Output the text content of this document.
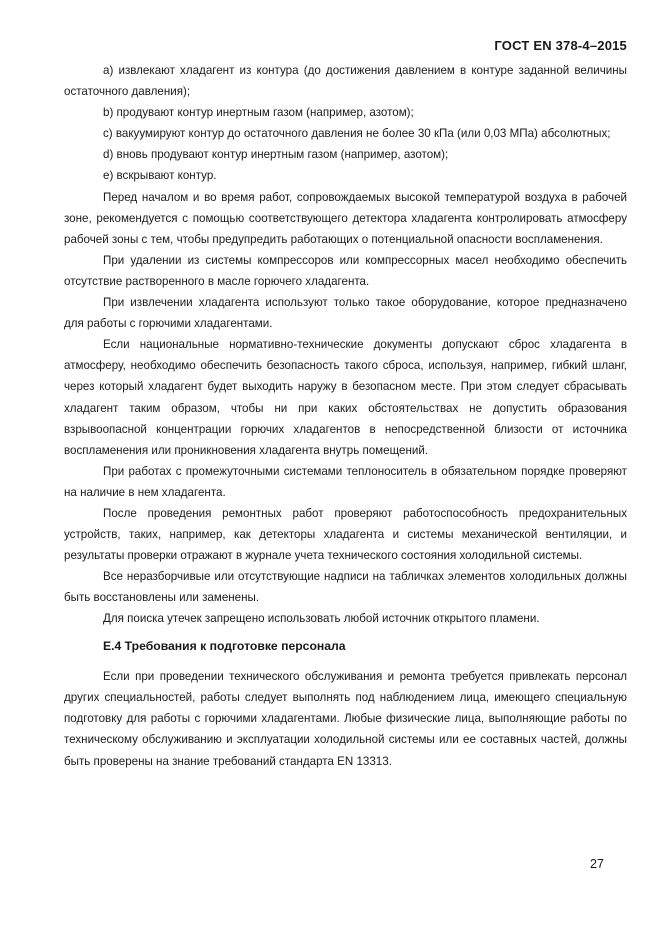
ГОСТ EN 378-4–2015

а) извлекают хладагент из контура (до достижения давлением в контуре заданной величины остаточного давления);

b) продувают контур инертным газом (например, азотом);

с) вакуумируют контур до остаточного давления не более 30 кПа (или 0,03 МПа) абсолютных;

d) вновь продувают контур инертным газом (например, азотом);

е) вскрывают контур.

Перед началом и во время работ, сопровождаемых высокой температурой воздуха в рабочей зоне, рекомендуется с помощью соответствующего детектора хладагента контролировать атмосферу рабочей зоны с тем, чтобы предупредить работающих о потенциальной опасности воспламенения.

При удалении из системы компрессоров или компрессорных масел необходимо обеспечить отсутствие растворенного в масле горючего хладагента.

При извлечении хладагента используют только такое оборудование, которое предназначено для работы с горючими хладагентами.

Если национальные нормативно-технические документы допускают сброс хладагента в атмосферу, необходимо обеспечить безопасность такого сброса, используя, например, гибкий шланг, через который хладагент будет выходить наружу в безопасном месте. При этом следует сбрасывать хладагент таким образом, чтобы ни при каких обстоятельствах не допустить образования взрывоопасной концентрации горючих хладагентов в непосредственной близости от источника воспламенения или проникновения хладагента внутрь помещений.

При работах с промежуточными системами теплоноситель в обязательном порядке проверяют на наличие в нем хладагента.

После проведения ремонтных работ проверяют работоспособность предохранительных устройств, таких, например, как детекторы хладагента и системы механической вентиляции, и результаты проверки отражают в журнале учета технического состояния холодильной системы.

Все неразборчивые или отсутствующие надписи на табличках элементов холодильных должны быть восстановлены или заменены.

Для поиска утечек запрещено использовать любой источник открытого пламени.

Е.4 Требования к подготовке персонала

Если при проведении технического обслуживания и ремонта требуется привлекать персонал других специальностей, работы следует выполнять под наблюдением лица, имеющего специальную подготовку для работы с горючими хладагентами. Любые физические лица, выполняющие работы по техническому обслуживанию и эксплуатации холодильной системы или ее составных частей, должны быть проверены на знание требований стандарта EN 13313.

27
